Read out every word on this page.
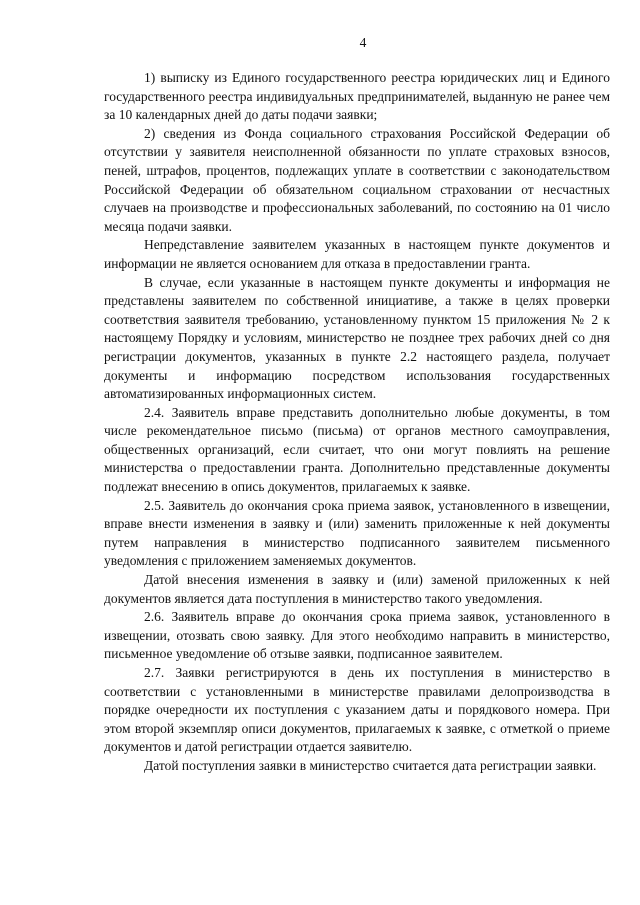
4

1) выписку из Единого государственного реестра юридических лиц и Единого государственного реестра индивидуальных предпринимателей, выданную не ранее чем за 10 календарных дней до даты подачи заявки;

2) сведения из Фонда социального страхования Российской Федерации об отсутствии у заявителя неисполненной обязанности по уплате страховых взносов, пеней, штрафов, процентов, подлежащих уплате в соответствии с законодательством Российской Федерации об обязательном социальном страховании от несчастных случаев на производстве и профессиональных заболеваний, по состоянию на 01 число месяца подачи заявки.

Непредставление заявителем указанных в настоящем пункте документов и информации не является основанием для отказа в предоставлении гранта.

В случае, если указанные в настоящем пункте документы и информация не представлены заявителем по собственной инициативе, а также в целях проверки соответствия заявителя требованию, установленному пунктом 15 приложения № 2 к настоящему Порядку и условиям, министерство не позднее трех рабочих дней со дня регистрации документов, указанных в пункте 2.2 настоящего раздела, получает документы и информацию посредством использования государственных автоматизированных информационных систем.

2.4. Заявитель вправе представить дополнительно любые документы, в том числе рекомендательное письмо (письма) от органов местного самоуправления, общественных организаций, если считает, что они могут повлиять на решение министерства о предоставлении гранта. Дополнительно представленные документы подлежат внесению в опись документов, прилагаемых к заявке.

2.5. Заявитель до окончания срока приема заявок, установленного в извещении, вправе внести изменения в заявку и (или) заменить приложенные к ней документы путем направления в министерство подписанного заявителем письменного уведомления с приложением заменяемых документов.

Датой внесения изменения в заявку и (или) заменой приложенных к ней документов является дата поступления в министерство такого уведомления.

2.6. Заявитель вправе до окончания срока приема заявок, установленного в извещении, отозвать свою заявку. Для этого необходимо направить в министерство, письменное уведомление об отзыве заявки, подписанное заявителем.

2.7. Заявки регистрируются в день их поступления в министерство в соответствии с установленными в министерстве правилами делопроизводства в порядке очередности их поступления с указанием даты и порядкового номера. При этом второй экземпляр описи документов, прилагаемых к заявке, с отметкой о приеме документов и датой регистрации отдается заявителю.

Датой поступления заявки в министерство считается дата регистрации заявки.
